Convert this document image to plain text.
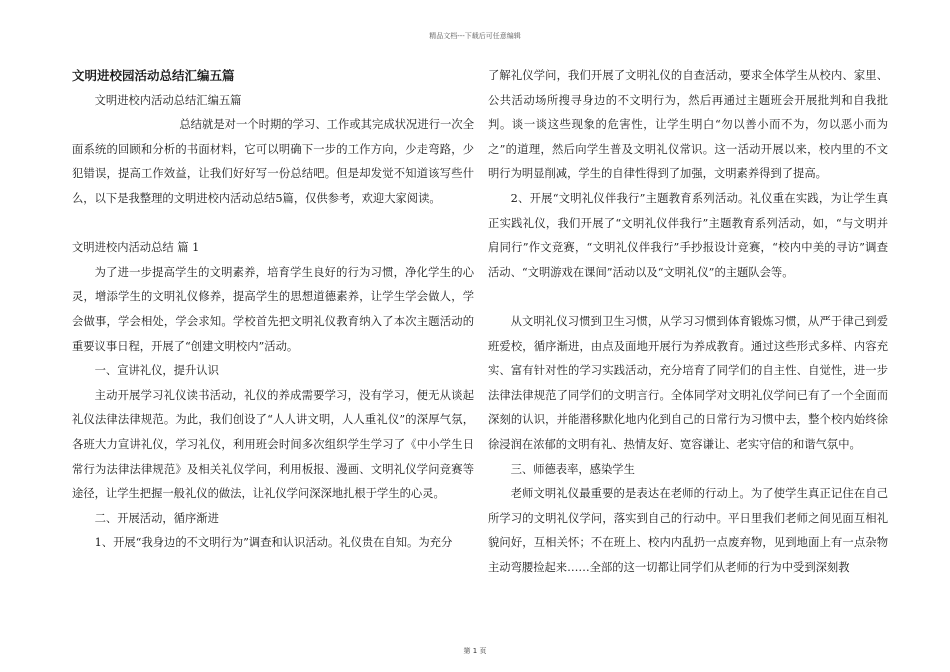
精品文档---下载后可任意编辑

文明进校园活动总结汇编五篇

文明进校内活动总结汇编五篇

总结就是对一个时期的学习、工作或其完成状况进行一次全面系统的回顾和分析的书面材料，它可以明确下一步的工作方向，少走弯路，少犯错误，提高工作效益，让我们好好写一份总结吧。但是却发觉不知道该写些什么，以下是我整理的文明进校内活动总结5篇，仅供参考，欢迎大家阅读。

文明进校内活动总结 篇 1

为了进一步提高学生的文明素养，培育学生良好的行为习惯，净化学生的心灵，增添学生的文明礼仪修养，提高学生的思想道德素养，让学生学会做人，学会做事，学会相处，学会求知。学校首先把文明礼仪教育纳入了本次主题活动的重要议事日程，开展了“创建文明校内”活动。

一、宣讲礼仪，提升认识

主动开展学习礼仪读书活动，礼仪的养成需要学习，没有学习，便无从谈起礼仪法律法律规范。为此，我们创设了“人人讲文明，人人重礼仪”的深厚气氛，各班大力宣讲礼仪，学习礼仪，利用班会时间多次组织学生学习了《中小学生日常行为法律法律规范》及相关礼仪学问，利用板报、漫画、文明礼仪学问竞赛等途径，让学生把握一般礼仪的做法，让礼仪学问深深地扎根于学生的心灵。

二、开展活动，循序渐进

1、开展“我身边的不文明行为”调查和认识活动。礼仪贵在自知。为充分

了解礼仪学问，我们开展了文明礼仪的自查活动，要求全体学生从校内、家里、公共活动场所搜寻身边的不文明行为，然后再通过主题班会开展批判和自我批判。谈一谈这些现象的危害性，让学生明白“勿以善小而不为，勿以恶小而为之”的道理，然后向学生普及文明礼仪常识。这一活动开展以来，校内里的不文明行为明显削减，学生的自律性得到了加强，文明素养得到了提高。

2、开展“文明礼仪伴我行”主题教育系列活动。礼仪重在实践，为让学生真正实践礼仪，我们开展了“文明礼仪伴我行”主题教育系列活动，如，“与文明并肩同行”作文竞赛，“文明礼仪伴我行”手抄报设计竞赛，“校内中美的寻访”调查活动、“文明游戏在课间”活动以及“文明礼仪”的主题队会等。

从文明礼仪习惯到卫生习惯，从学习习惯到体育锻炼习惯，从严于律己到爱班爱校，循序渐进，由点及面地开展行为养成教育。通过这些形式多样、内容充实、富有针对性的学习实践活动，充分培育了同学们的自主性、自觉性，进一步法律法律规范了同学们的文明言行。全体同学对文明礼仪学问已有了一个全面而深刻的认识，并能潜移默化地内化到自己的日常行为习惯中去，整个校内始终徐徐浸润在浓郁的文明有礼、热情友好、宽容谦让、老实守信的和谐气氛中。

三、师德表率，感染学生

老师文明礼仪最重要的是表达在老师的行动上。为了使学生真正记住在自己所学习的文明礼仪学问，落实到自己的行动中。平日里我们老师之间见面互相礼貌问好，互相关怀；不在班上、校内内乱扔一点废弃物，见到地面上有一点杂物主动弯腰捡起来……全部的这一切都让同学们从老师的行为中受到深刻教

第 1 页
